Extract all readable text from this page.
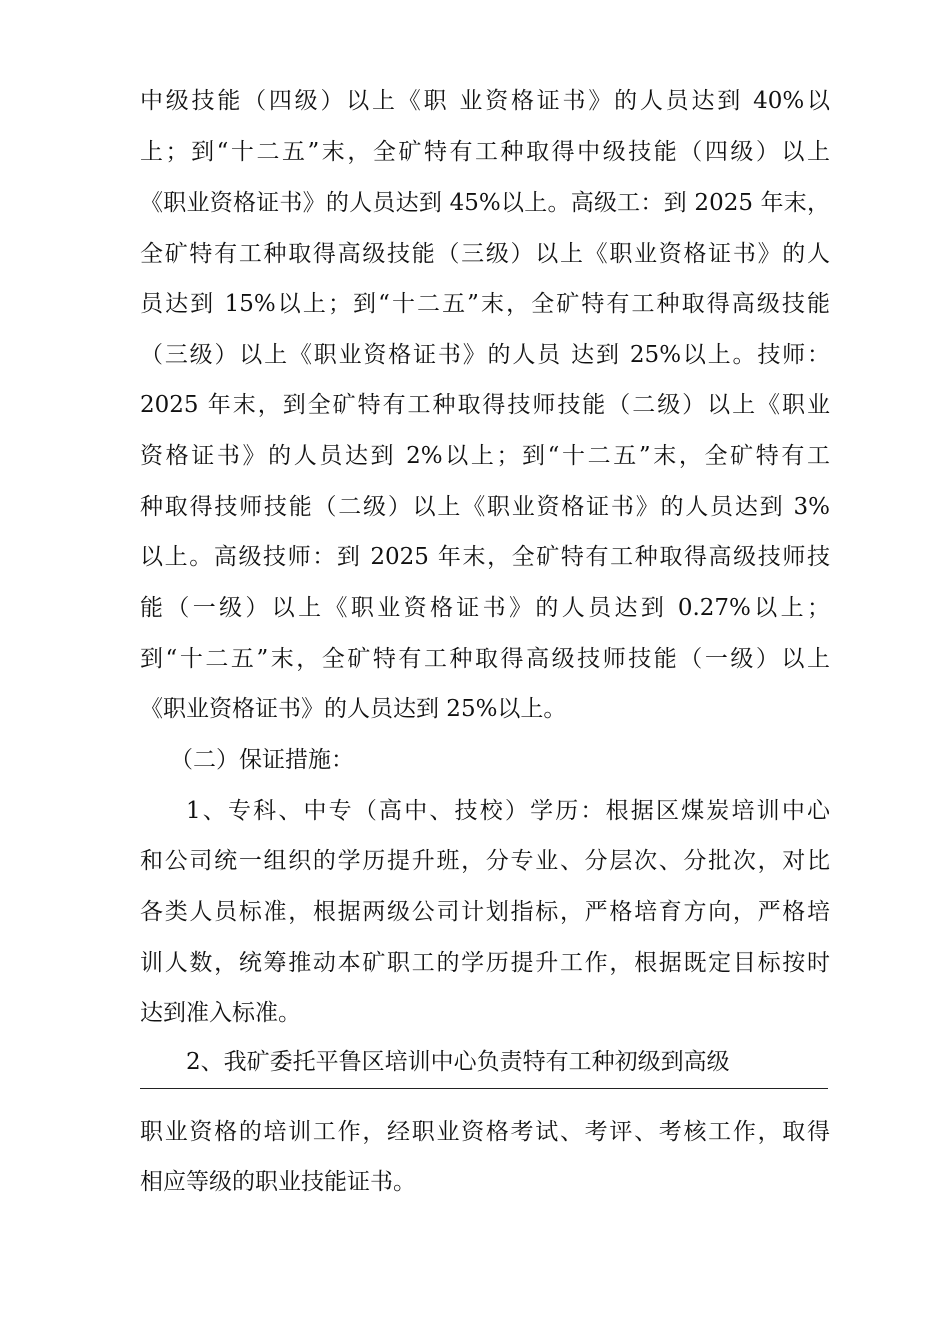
中级技能（四级）以上《职 业资格证书》的人员达到 40%以
上；到“十二五”末，全矿特有工种取得中级技能（四级）以上
《职业资格证书》的人员达到 45%以上。高级工：到 2025 年末，
全矿特有工种取得高级技能（三级）以上《职业资格证书》的人
员达到 15%以上；到“十二五”末，全矿特有工种取得高级技能
（三级）以上《职业资格证书》的人员 达到 25%以上。技师：
2025 年末，到全矿特有工种取得技师技能（二级）以上《职业
资格证书》的人员达到 2%以上；到“十二五”末，全矿特有工
种取得技师技能（二级）以上《职业资格证书》的人员达到 3%
以上。高级技师：到 2025 年末，全矿特有工种取得高级技师技
能（一级）以上《职业资格证书》的人员达到 0.27%以上；
到“十二五”末，全矿特有工种取得高级技师技能（一级）以上
《职业资格证书》的人员达到 25%以上。
（二）保证措施：
1、专科、中专（高中、技校）学历：根据区煤炭培训中心
和公司统一组织的学历提升班，分专业、分层次、分批次，对比
各类人员标准，根据两级公司计划指标，严格培育方向，严格培
训人数，统筹推动本矿职工的学历提升工作，根据既定目标按时
达到准入标准。
2、我矿委托平鲁区培训中心负责特有工种初级到高级
职业资格的培训工作，经职业资格考试、考评、考核工作，取得
相应等级的职业技能证书。
